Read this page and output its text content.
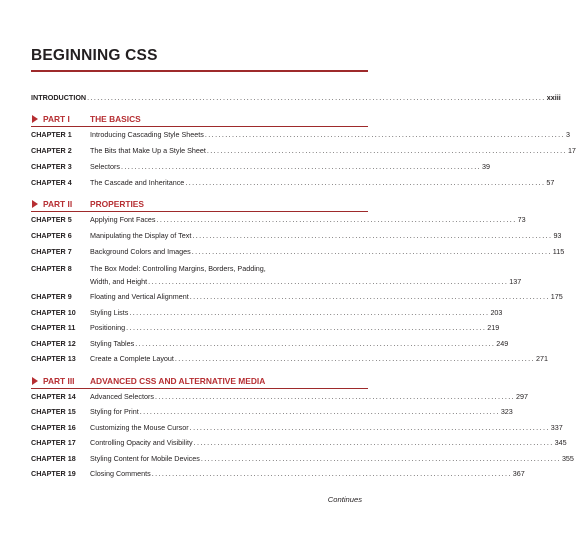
BEGINNING CSS
INTRODUCTION ....................................................................................................................................... xxiii
PART I THE BASICS
CHAPTER 1	Introducing Cascading Style Sheets .......................................................................................................... 3
CHAPTER 2	The Bits that Make Up a Style Sheet .......................................................................................................... 17
CHAPTER 3	Selectors .......................................................................................................... 39
CHAPTER 4	The Cascade and Inheritance .......................................................................................................... 57
PART II PROPERTIES
CHAPTER 5	Applying Font Faces .......................................................................................................... 73
CHAPTER 6	Manipulating the Display of Text .......................................................................................................... 93
CHAPTER 7	Background Colors and Images .......................................................................................................... 115
CHAPTER 8	The Box Model: Controlling Margins, Borders, Padding,
Width, and Height .......................................................................................................... 137
CHAPTER 9	Floating and Vertical Alignment .......................................................................................................... 175
CHAPTER 10 Styling Lists .......................................................................................................... 203
CHAPTER 11 Positioning .......................................................................................................... 219
CHAPTER 12 Styling Tables .......................................................................................................... 249
CHAPTER 13 Create a Complete Layout .......................................................................................................... 271
PART III ADVANCED CSS AND ALTERNATIVE MEDIA
CHAPTER 14 Advanced Selectors .......................................................................................................... 297
CHAPTER 15 Styling for Print .......................................................................................................... 323
CHAPTER 16 Customizing the Mouse Cursor .......................................................................................................... 337
CHAPTER 17 Controlling Opacity and Visibility .......................................................................................................... 345
CHAPTER 18 Styling Content for Mobile Devices .......................................................................................................... 355
CHAPTER 19 Closing Comments .......................................................................................................... 367
Continues
